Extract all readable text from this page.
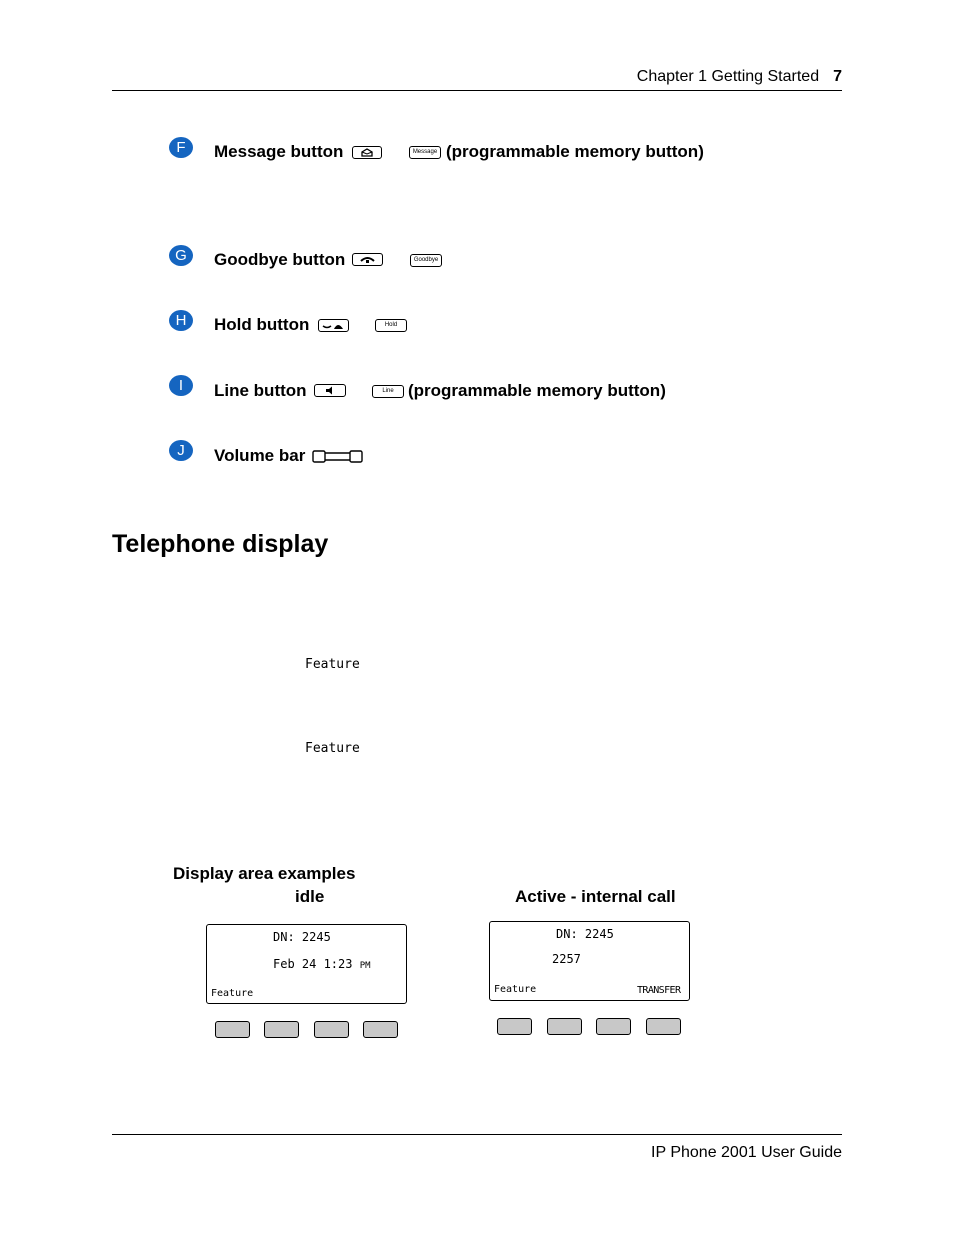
Chapter 1 Getting Started 7
F	Message button	Message (programmable memory button)
G	Goodbye button	Goodbye
H	Hold button	Hold
I	Line button	Line (programmable memory button)
J	Volume bar
Telephone display
Feature
Feature
Display area examples
idle	Active - internal call
DN: 2245
Feb 24 1:23 PM
Feature
DN: 2245
2257
Feature	TRANSFER
IP Phone 2001 User Guide
